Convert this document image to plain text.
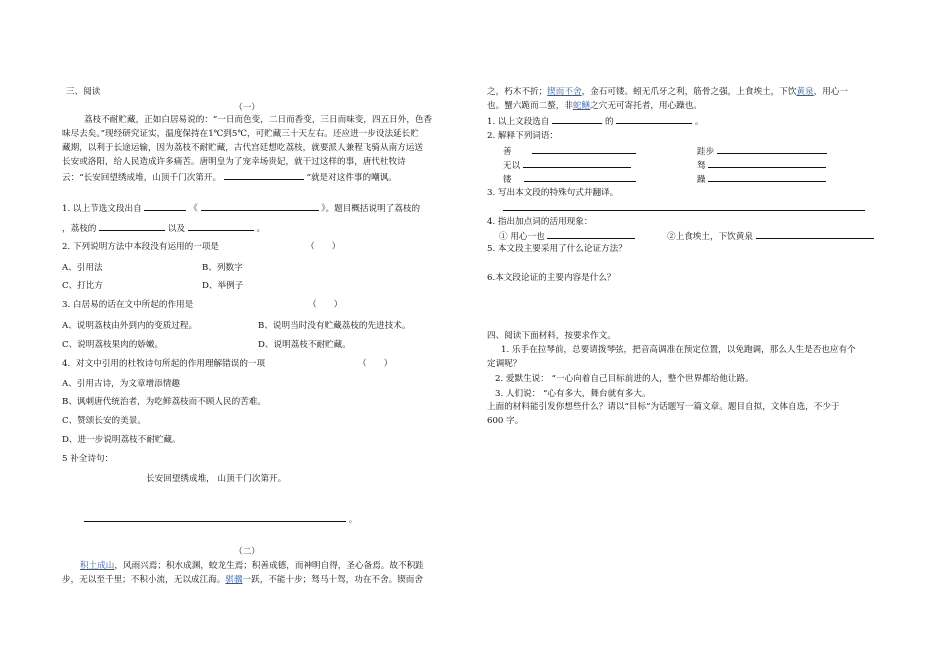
三、阅读
（一）
荔枝不耐贮藏，正如白居易说的：“一日而色变，二日而香变，三日而味变，四五日外，色香
味尽去矣。”现经研究证实，温度保持在1℃到5℃，可贮藏三十天左右。还应进一步设法延长贮
藏期，以利于长途运输，因为荔枝不耐贮藏，古代宫廷想吃荔枝，就要派人兼程飞骑从南方运送
长安或洛阳，给人民造成许多痛苦。唐明皇为了宠幸场贵妃，就干过这样的事，唐代杜牧诗
云：“长安回望绣成堆，山顶千门次第开。	”就是对这件事的嘲讽。
1. 以上节选文段出自	《	》。题目概括说明了荔枝的
，荔枝的	以及	。
2. 下列说明方法中本段没有运用的一项是	（　　）
A、引用法	B、列数字
C、打比方	D、举例子
3. 白居易的话在文中所起的作用是	（　　）
A、说明荔枝由外到内的变质过程。	B、说明当时没有贮藏荔枝的先进技术。
C、说明荔枝果肉的娇嫩。	D、说明荔枝不耐贮藏。
4．对文中引用的杜牧诗句所起的作用理解错误的一项	（　　）
A、引用古诗，为文章增添情趣
B、讽刺唐代统治者，为吃鲜荔枝而不顾人民的苦难。
C、赞颂长安的美景。
D、进一步说明荔枝不耐贮藏。
5 补全诗句：
长安回望绣成堆， 山顶千门次第开。
。
（二）
积土成山，风雨兴焉；积水成渊，蛟龙生焉；积善成德，而神明自得，圣心备焉。故不积跬
步，无以至千里；不积小流，无以成江海。骐骥一跃，不能十步；驽马十驾，功在不舍。锲而舍
之，朽木不折；锲而不舍，金石可镂。蚓无爪牙之利，筋骨之强，上食埃土，下饮黄泉，用心一
也。蟹六跪而二螯，非蛇鳝之穴无可寄托者，用心躁也。
1. 以上文段选自	的	。
2. 解释下列词语：
善	跬步
无以	驽
镂	躁
3. 写出本文段的特殊句式并翻译。
4. 指出加点词的活用现象：
① 用心一也	②上食埃土，下饮黄泉
5. 本文段主要采用了什么论证方法？
6.本文段论证的主要内容是什么？
四、阅读下面材料，按要求作文。
1. 乐手在拉琴前，总要请拨琴弦，把音高调准在预定位置，以免跑调，那么人生是否也应有个
定调呢？
2. 爱默生说： “一心向着自己目标前进的人，整个世界都给他让路。
3. 人们说： “心有多大，舞台就有多大。
上面的材料能引发你想些什么？请以“目标”为话题写一篇文章。题目自拟，文体自选，不少于
600 字。
